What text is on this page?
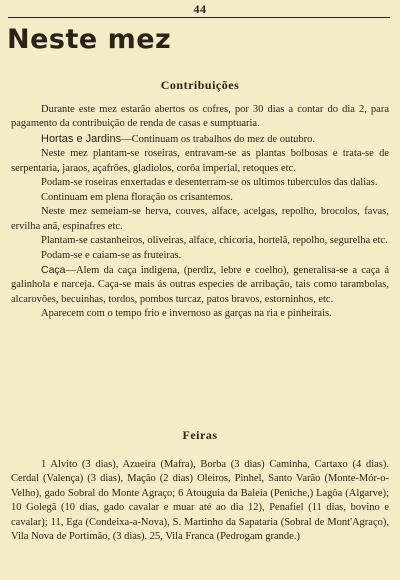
44
Neste mez
Contribuições

Durante este mez estarão abertos os cofres, por 30 dias a contar do dia 2, para pagamento da contribuição de renda de casas e sumptuaria.

Hortas e Jardins—Continuam os trabalhos do mez de outubro.

Neste mez plantam-se roseiras, entravam-se as plantas bolbosas e trata-se de serpentaria, jaraos, açafrões, gladiolos, corôa imperial, retoques etc.

Podam-se roseiras enxertadas e desenterram-se os ultimos tuberculos das dalias.

Continuam em plena floração os crisantemos.

Neste mez semeiam-se herva, couves, alface, acelgas, repolho, brocolos, favas, ervilha anã, espinafres etc.

Plantam-se castanheiros, oliveiras, alface, chicoria, hortelã, repolho, segurelha etc.

Podam-se e caiam-se as fruteiras.

Caça—Alem da caça indigena, (perdiz, lebre e coelho), generalisa-se a caça á galinhola e narceja. Caça-se mais ás outras especies de arribação, tais como tarambolas, alcarovões, becuinhas, tordos, pombos turcaz, patos bravos, estorninhos, etc.

Aparecem com o tempo frio e invernoso as garças na ria e pinheirais.

Feiras

1 Alvito (3 dias), Azueira (Mafra), Borba (3 dias) Caminha, Cartaxo (4 dias). Cerdal (Valença) (3 dias), Mação (2 dias) Oleiros, Pinhel, Santo Varão (Monte-Mór-o-Velho), gado Sobral do Monte Agraço; 6 Atouguia da Baleia (Peniche,) Lagôa (Algarve); 10 Golegã (10 dias, gado cavalar e muar até ao dia 12), Penafiel (11 dias, bovino e cavalar); 11, Ega (Condeixa-a-Nova), S. Martinho da Sapataria (Sobral de Mont'Agraço), Vila Nova de Portimão, (3 dias). 25, Vila Franca (Pedrogam grande.)
